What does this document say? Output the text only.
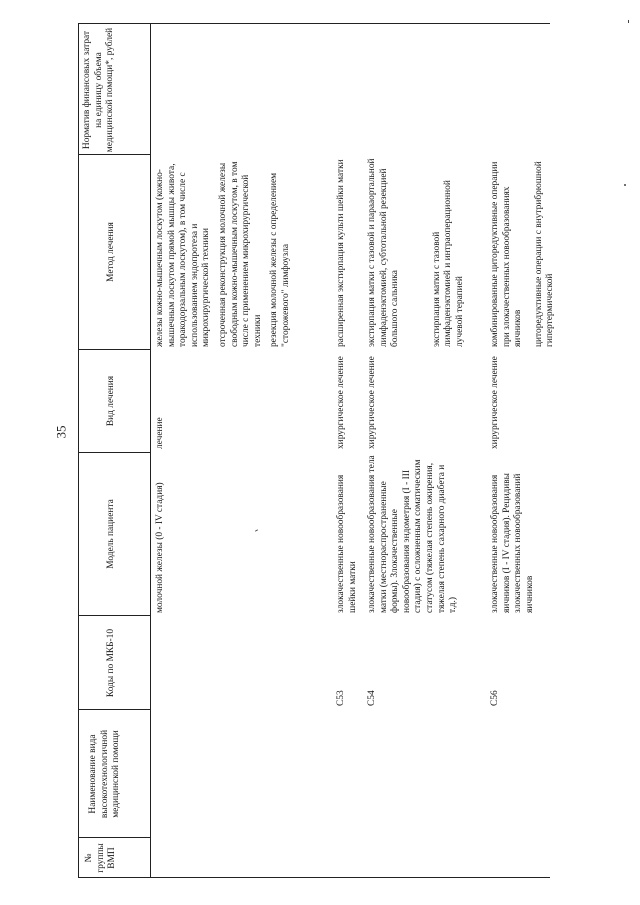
35
№ группы ВМП
Наименование вида высокотехнологичной медицинской помощи
Коды по МКБ-10
Модель пациента
Вид лечения
Метод лечения
Норматив финансовых затрат на единицу объема медицинской помощи*, рублей
молочной железы (0 - IV стадия)
лечение

железы кожно-мышечным лоскутом (кожно-мышечным лоскутом прямой мышцы живота, торакодорзальным лоскутом), в том числе с использованием эндопротеза и микрохирургической техники отсроченная реконструкция молочной железы свободным кожно-мышечным лоскутом, в том числе с применением микрохирургической техники резекция молочной железы с определением "сторожевого" лимфоузла

C53
злокачественные новообразования шейки матки
хирургическое лечение

расширенная экстирпация культи шейки матки

C54
злокачественные новообразования тела матки (местнораспространенные формы). Злокачественные новообразования эндометрия (I - III стадия) с осложненным соматическим статусом (тяжелая степень ожирения, тяжелая степень сахарного диабета и т.д.)
хирургическое лечение

экстирпация матки с тазовой и парааортальной лимфаденэктомией, субтотальной резекцией большого сальника	экстирпация матки с тазовой лимфаденэктомией и интраоперационной лучевой терапией

C56
злокачественные новообразования яичников (I - IV стадия). Рецидивы злокачественных новообразований яичников
хирургическое лечение

комбинированные циторедуктивные операции при злокачественных новообразованиях яичников циторедуктивные операции с внутрибрюшной гипертермической
